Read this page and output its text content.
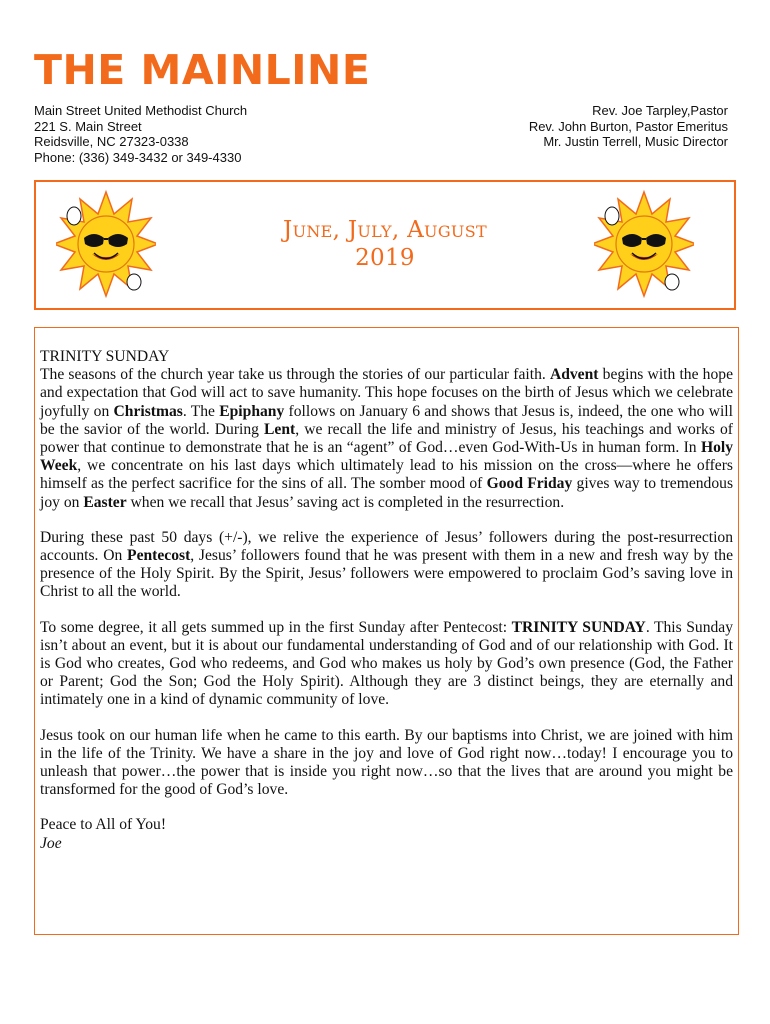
THE MAINLINE
Main Street United Methodist Church
221 S. Main Street
Reidsville, NC 27323-0338
Phone: (336) 349-3432 or 349-4330
Rev. Joe Tarpley,Pastor
Rev. John Burton, Pastor Emeritus
Mr. Justin Terrell, Music Director
June, July, August
2019

TRINITY SUNDAY
The seasons of the church year take us through the stories of our particular faith. Advent begins with the hope and expectation that God will act to save humanity. This hope focuses on the birth of Jesus which we celebrate joyfully on Christmas. The Epiphany follows on January 6 and shows that Jesus is, indeed, the one who will be the savior of the world. During Lent, we recall the life and ministry of Jesus, his teachings and works of power that continue to demonstrate that he is an “agent” of God…even God-With-Us in human form. In Holy Week, we concentrate on his last days which ultimately lead to his mission on the cross—where he offers himself as the perfect sacrifice for the sins of all. The somber mood of Good Friday gives way to tremendous joy on Easter when we recall that Jesus’ saving act is completed in the resurrection.

During these past 50 days (+/-), we relive the experience of Jesus’ followers during the post-resurrection accounts. On Pentecost, Jesus’ followers found that he was present with them in a new and fresh way by the presence of the Holy Spirit. By the Spirit, Jesus’ followers were empowered to proclaim God’s saving love in Christ to all the world.

To some degree, it all gets summed up in the first Sunday after Pentecost: TRINITY SUNDAY. This Sunday isn’t about an event, but it is about our fundamental understanding of God and of our relationship with God. It is God who creates, God who redeems, and God who makes us holy by God’s own presence (God, the Father or Parent; God the Son; God the Holy Spirit). Although they are 3 distinct beings, they are eternally and intimately one in a kind of dynamic community of love.

Jesus took on our human life when he came to this earth. By our baptisms into Christ, we are joined with him in the life of the Trinity. We have a share in the joy and love of God right now…today! I encourage you to unleash that power…the power that is inside you right now…so that the lives that are around you might be transformed for the good of God’s love.

Peace to All of You!
Joe
